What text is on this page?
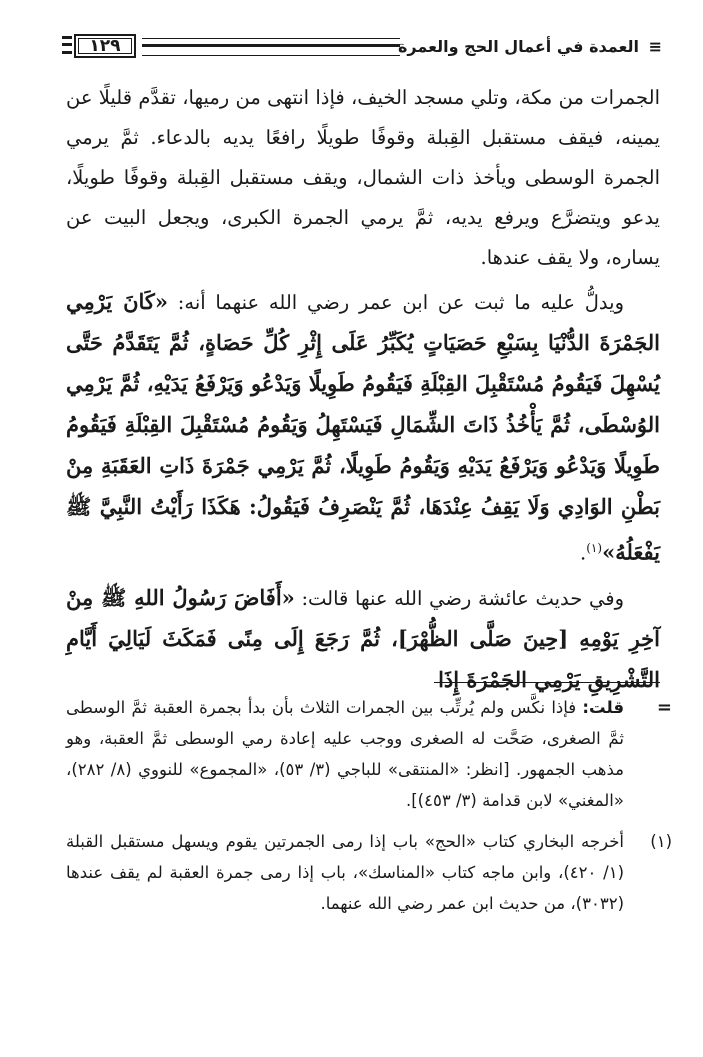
≡ العمدة في أعمال الحج والعمرة
١٢٩

الجمرات من مكة، وتلي مسجد الخيف، فإذا انتهى من رميها، تقدَّم قليلًا عن يمينه، فيقف مستقبل القِبلة وقوفًا طويلًا رافعًا يديه بالدعاء. ثمَّ يرمي الجمرة الوسطى ويأخذ ذات الشمال، ويقف مستقبل القِبلة وقوفًا طويلًا، يدعو ويتضرَّع ويرفع يديه، ثمَّ يرمي الجمرة الكبرى، ويجعل البيت عن يساره، ولا يقف عندها.

ويدلُّ عليه ما ثبت عن ابن عمر رضي الله عنهما أنه: «كَانَ يَرْمِي الجَمْرَةَ الدُّنْيَا بِسَبْعِ حَصَيَاتٍ يُكَبِّرُ عَلَى إِثْرِ كُلِّ حَصَاةٍ، ثُمَّ يَتَقَدَّمُ حَتَّى يُسْهِلَ فَيَقُومُ مُسْتَقْبِلَ القِبْلَةِ فَيَقُومُ طَوِيلًا وَيَدْعُو وَيَرْفَعُ يَدَيْهِ، ثُمَّ يَرْمِي الوُسْطَى، ثُمَّ يَأْخُذُ ذَاتَ الشِّمَالِ فَيَسْتَهِلُ وَيَقُومُ مُسْتَقْبِلَ القِبْلَةِ فَيَقُومُ طَوِيلًا وَيَدْعُو وَيَرْفَعُ يَدَيْهِ وَيَقُومُ طَوِيلًا، ثُمَّ يَرْمِي جَمْرَةَ ذَاتِ العَقَبَةِ مِنْ بَطْنِ الوَادِي وَلَا يَقِفُ عِنْدَهَا، ثُمَّ يَنْصَرِفُ فَيَقُولُ: هَكَذَا رَأَيْتُ النَّبِيَّ ﷺ يَفْعَلُهُ»$^{(١)}$.

وفي حديث عائشة رضي الله عنها قالت: «أَفَاضَ رَسُولُ اللهِ ﷺ مِنْ آخِرِ يَوْمِهِ [حِينَ صَلَّى الظُّهْرَ]، ثُمَّ رَجَعَ إِلَى مِنًى فَمَكَثَ لَيَالِيَ أَيَّامِ التَّشْرِيقِ يَرْمِي الجَمْرَةَ إِذَا

=
قلت: فإذا نكَّس ولم يُرتِّب بين الجمرات الثلاث بأن بدأ بجمرة العقبة ثمَّ الوسطى ثمَّ الصغرى، صَحَّت له الصغرى ووجب عليه إعادة رمي الوسطى ثمَّ العقبة، وهو مذهب الجمهور. [انظر: «المنتقى» للباجي (٣/ ٥٣)، «المجموع» للنووي (٨/ ٢٨٢)، «المغني» لابن قدامة (٣/ ٤٥٣)].

(١)
أخرجه البخاري كتاب «الحج» باب إذا رمى الجمرتين يقوم ويسهل مستقبل القبلة (١/ ٤٢٠)، وابن ماجه كتاب «المناسك»، باب إذا رمى جمرة العقبة لم يقف عندها (٣٠٣٢)، من حديث ابن عمر رضي الله عنهما.
